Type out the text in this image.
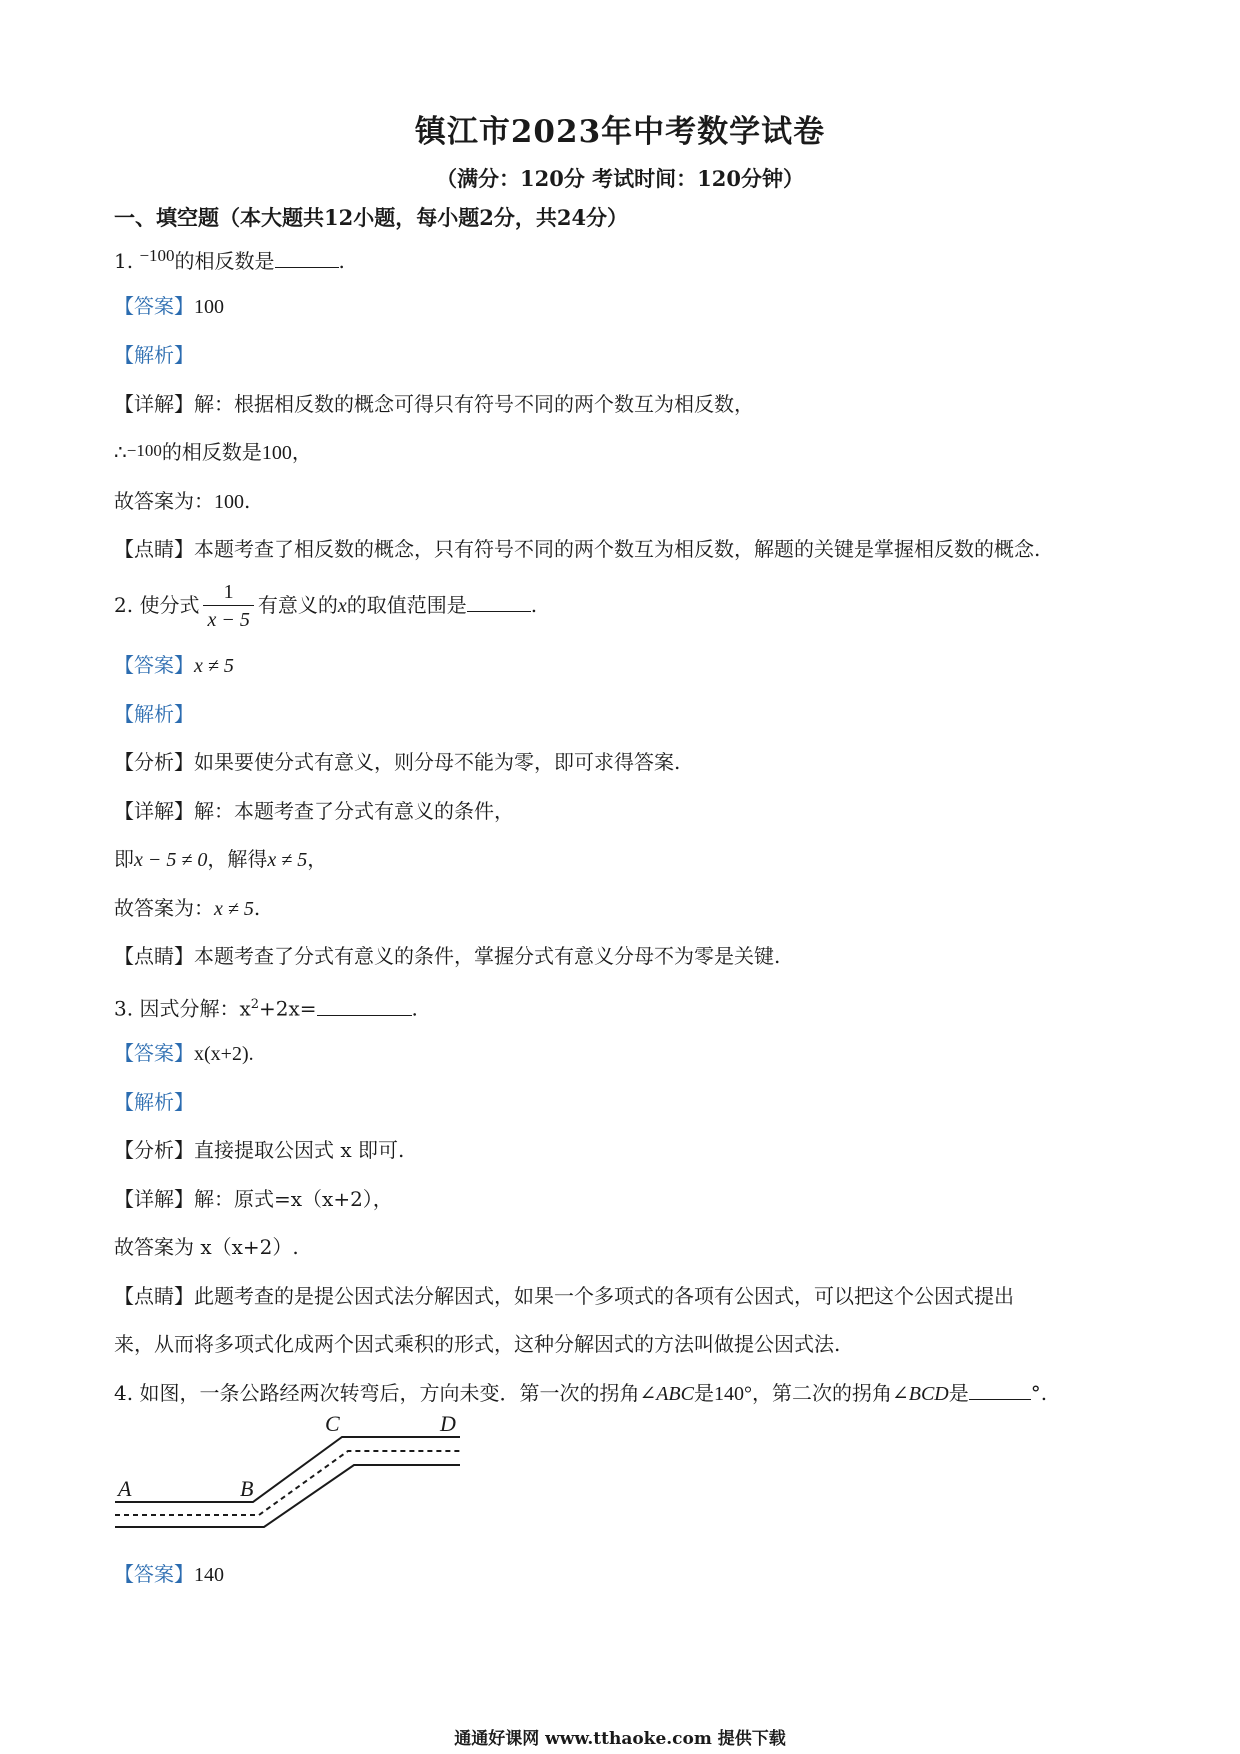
镇江市2023年中考数学试卷
（满分：120分 考试时间：120分钟）
一、填空题（本大题共12小题，每小题2分，共24分）
1. $^{-100}$的相反数是	.
【答案】100
【解析】
【详解】解：根据相反数的概念可得只有符号不同的两个数互为相反数，
∴−100的相反数是100，
故答案为：100.
【点睛】本题考查了相反数的概念，只有符号不同的两个数互为相反数，解题的关键是掌握相反数的概念.
2. 使分式 $\frac{1}{x - 5}$ 有意义的x的取值范围是	.
【答案】x ≠ 5
【解析】
【分析】如果要使分式有意义，则分母不能为零，即可求得答案.
【详解】解：本题考查了分式有意义的条件，
即x − 5 ≠ 0，解得x ≠ 5，
故答案为：x ≠ 5.
【点睛】本题考查了分式有意义的条件，掌握分式有意义分母不为零是关键.
3. 因式分解：$x^2+2x=$	.
【答案】x(x+2).
【解析】
【分析】直接提取公因式 x 即可.
【详解】解：原式=x（x+2），
故答案为 x（x+2）.
【点睛】此题考查的是提公因式法分解因式，如果一个多项式的各项有公因式，可以把这个公因式提出
来，从而将多项式化成两个因式乘积的形式，这种分解因式的方法叫做提公因式法.
4. 如图，一条公路经两次转弯后，方向未变．第一次的拐角∠ABC是140°，第二次的拐角∠BCD是	°.
A	B
C	D
【答案】140
通通好课网 www.tthaoke.com 提供下载
